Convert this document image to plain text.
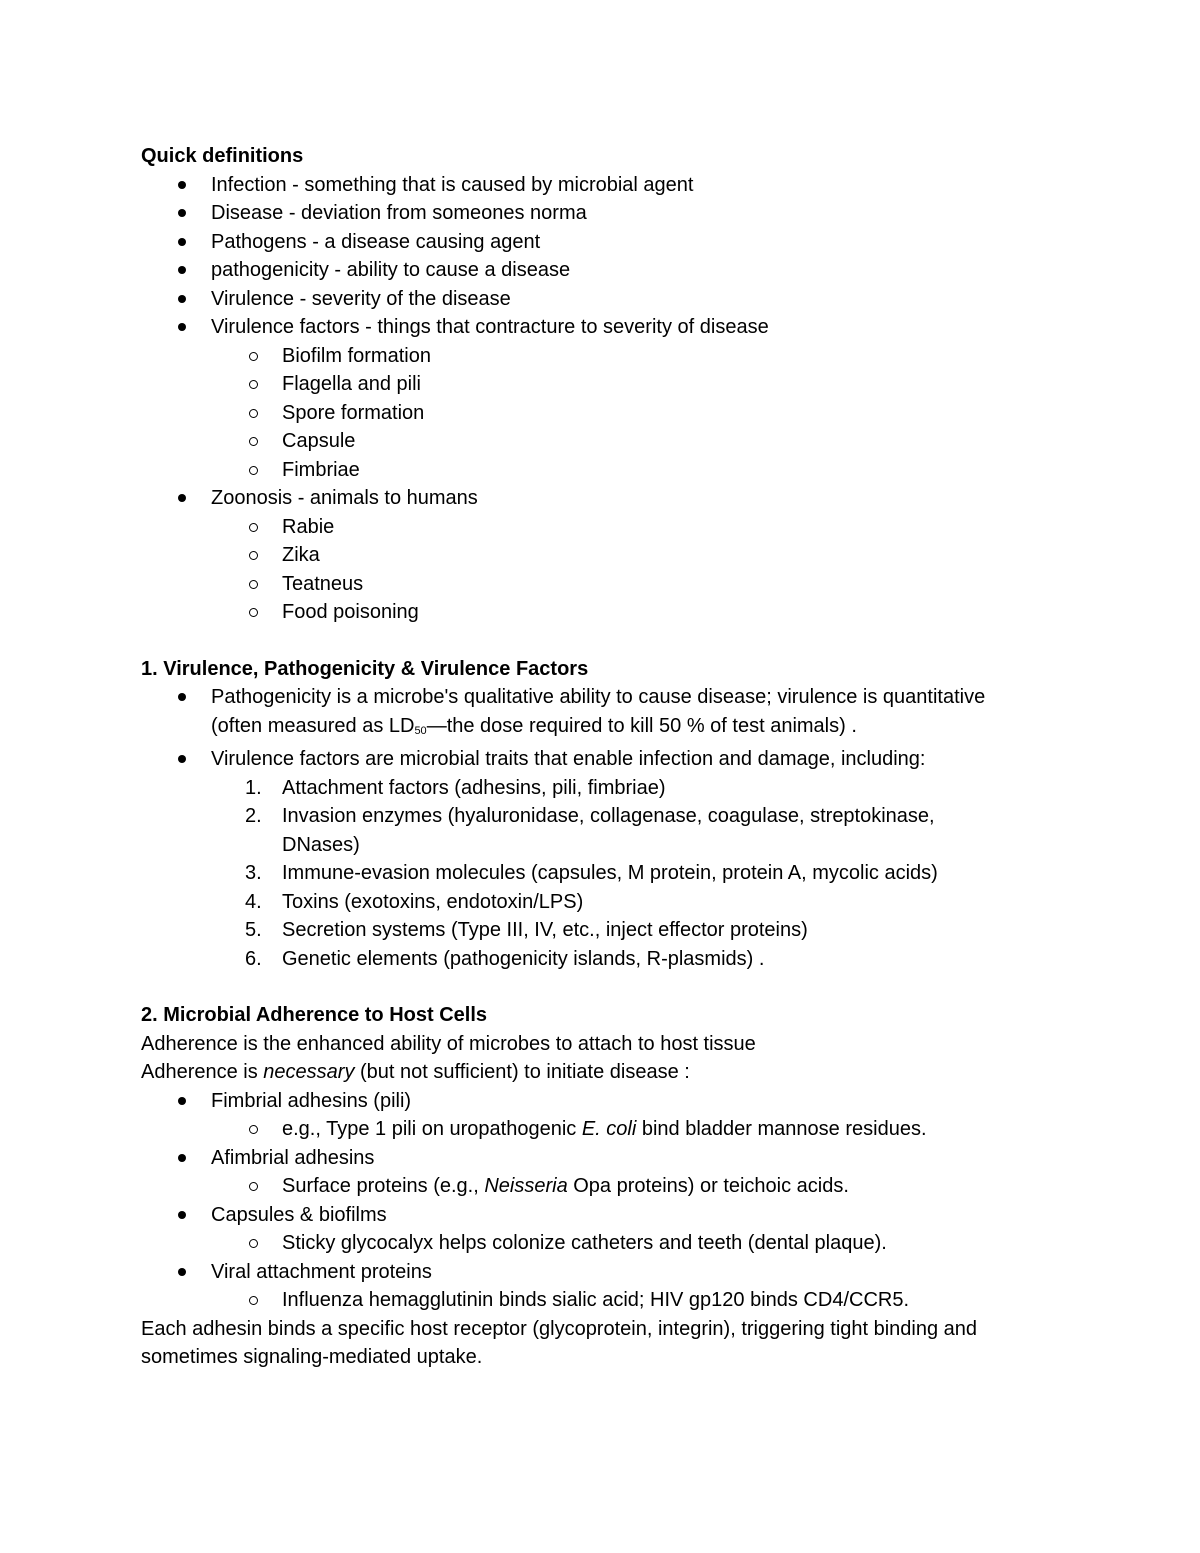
Quick definitions
Infection - something that is caused by microbial agent
Disease - deviation from someones norma
Pathogens - a disease causing agent
pathogenicity - ability to cause a disease
Virulence - severity of the disease
Virulence factors - things that contracture to severity of disease
Biofilm formation
Flagella and pili
Spore formation
Capsule
Fimbriae
Zoonosis - animals to humans
Rabie
Zika
Teatneus
Food poisoning
1. Virulence, Pathogenicity & Virulence Factors
Pathogenicity is a microbe's qualitative ability to cause disease; virulence is quantitative
(often measured as $LD_{50}—the$ dose required to kill 50 % of test animals) .
Virulence factors are microbial traits that enable infection and damage, including:
1. Attachment factors (adhesins, pili, fimbriae)
2. Invasion enzymes (hyaluronidase, collagenase, coagulase, streptokinase,
DNases)
3. Immune-evasion molecules (capsules, M protein, protein A, mycolic acids)
4. Toxins (exotoxins, endotoxin/LPS)
5. Secretion systems (Type III, IV, etc., inject effector proteins)
6. Genetic elements (pathogenicity islands, R-plasmids) .
2. Microbial Adherence to Host Cells
Adherence is the enhanced ability of microbes to attach to host tissue
Adherence is necessary (but not sufficient) to initiate disease :
Fimbrial adhesins (pili)
e.g., Type 1 pili on uropathogenic E. coli bind bladder mannose residues.
Afimbrial adhesins
Surface proteins (e.g., Neisseria Opa proteins) or teichoic acids.
Capsules & biofilms
Sticky glycocalyx helps colonize catheters and teeth (dental plaque).
Viral attachment proteins
Influenza hemagglutinin binds sialic acid; HIV gp120 binds CD4/CCR5.
Each adhesin binds a specific host receptor (glycoprotein, integrin), triggering tight binding and
sometimes signaling-mediated uptake.
